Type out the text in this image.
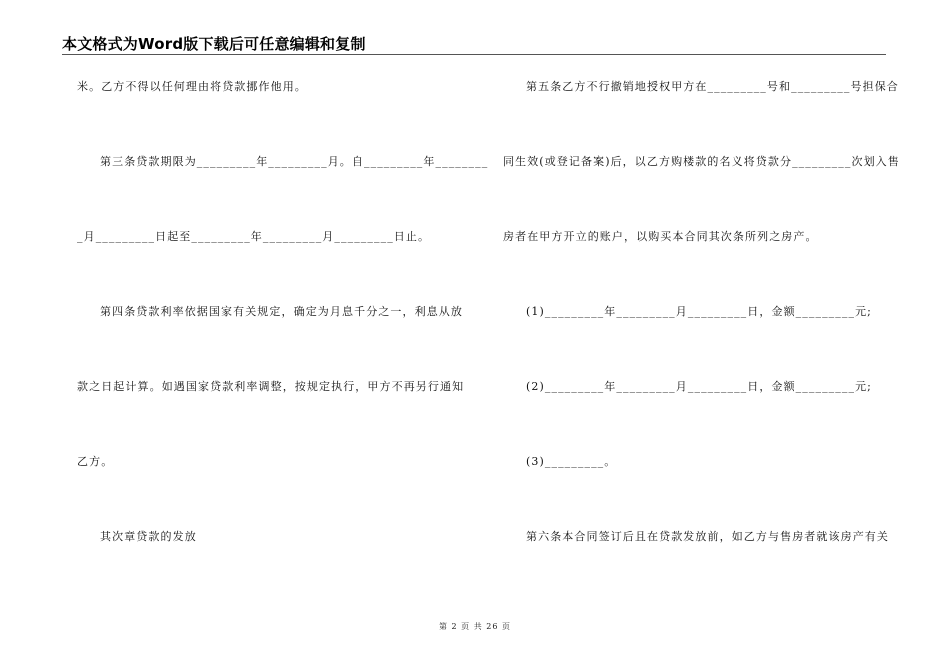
本文格式为Word版下载后可任意编辑和复制
米。乙方不得以任何理由将贷款挪作他用。
第三条贷款期限为_________年_________月。自_________年________
_月_________日起至_________年_________月_________日止。
第四条贷款利率依据国家有关规定，确定为月息千分之一，利息从放
款之日起计算。如遇国家贷款利率调整，按规定执行，甲方不再另行通知
乙方。
其次章贷款的发放
第五条乙方不行撤销地授权甲方在_________号和_________号担保合
同生效(或登记备案)后，以乙方购楼款的名义将贷款分_________次划入售
房者在甲方开立的账户，以购买本合同其次条所列之房产。
(1)_________年_________月_________日，金额_________元;
(2)_________年_________月_________日，金额_________元;
(3)_________。
第六条本合同签订后且在贷款发放前，如乙方与售房者就该房产有关
第 2 页 共 26 页
